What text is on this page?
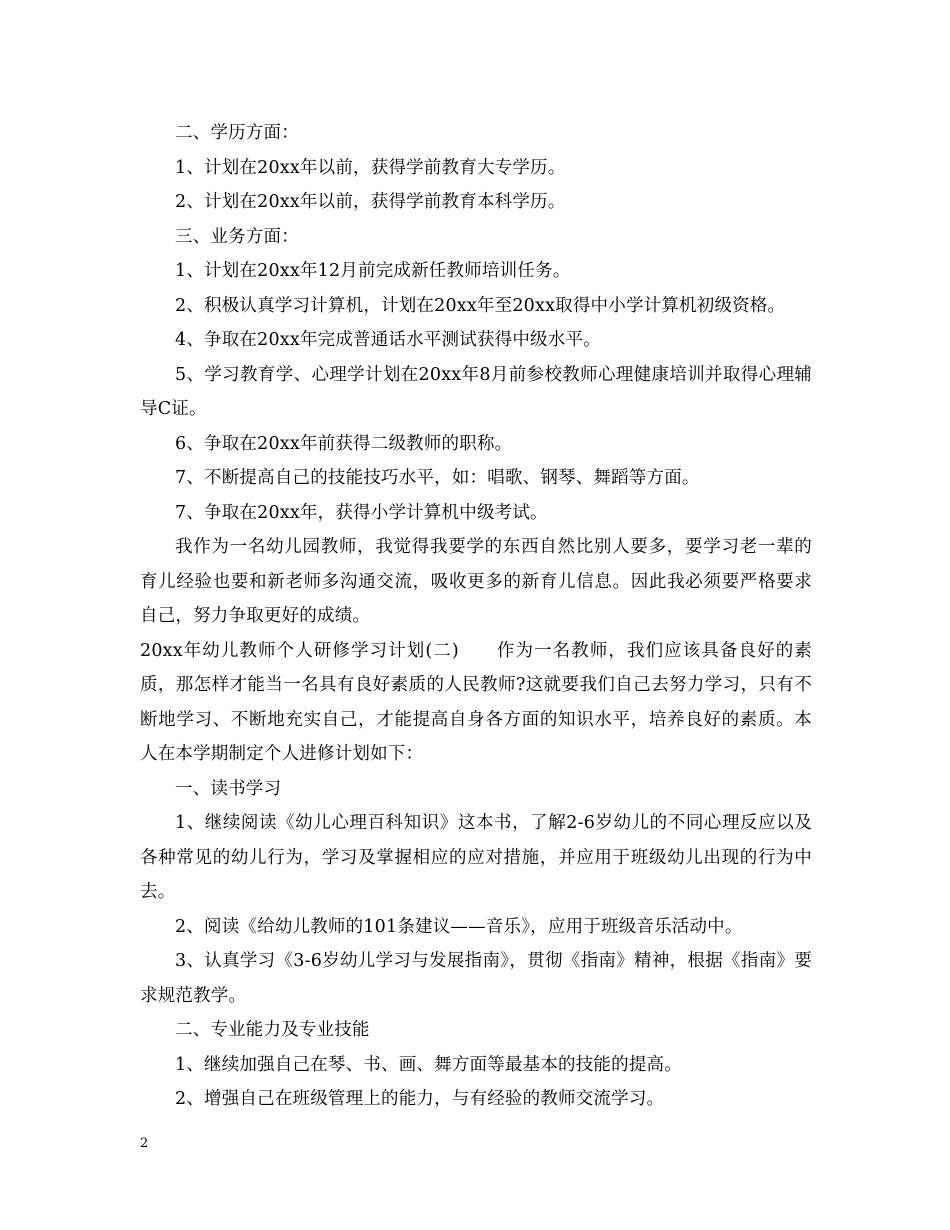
二、学历方面：

1、计划在20xx年以前，获得学前教育大专学历。

2、计划在20xx年以前，获得学前教育本科学历。

三、业务方面：

1、计划在20xx年12月前完成新任教师培训任务。

2、积极认真学习计算机，计划在20xx年至20xx取得中小学计算机初级资格。

4、争取在20xx年完成普通话水平测试获得中级水平。

5、学习教育学、心理学计划在20xx年8月前参校教师心理健康培训并取得心理辅导C证。

6、争取在20xx年前获得二级教师的职称。

7、不断提高自己的技能技巧水平，如：唱歌、钢琴、舞蹈等方面。

7、争取在20xx年，获得小学计算机中级考试。

我作为一名幼儿园教师，我觉得我要学的东西自然比别人要多，要学习老一辈的育儿经验也要和新老师多沟通交流，吸收更多的新育儿信息。因此我必须要严格要求自己，努力争取更好的成绩。

20xx年幼儿教师个人研修学习计划(二)　　作为一名教师，我们应该具备良好的素质，那怎样才能当一名具有良好素质的人民教师?这就要我们自己去努力学习，只有不断地学习、不断地充实自己，才能提高自身各方面的知识水平，培养良好的素质。本人在本学期制定个人进修计划如下：

一、读书学习

1、继续阅读《幼儿心理百科知识》这本书，了解2-6岁幼儿的不同心理反应以及各种常见的幼儿行为，学习及掌握相应的应对措施，并应用于班级幼儿出现的行为中去。

2、阅读《给幼儿教师的101条建议——音乐》，应用于班级音乐活动中。

3、认真学习《3-6岁幼儿学习与发展指南》，贯彻《指南》精神，根据《指南》要求规范教学。

二、专业能力及专业技能

1、继续加强自己在琴、书、画、舞方面等最基本的技能的提高。

2、增强自己在班级管理上的能力，与有经验的教师交流学习。

2
